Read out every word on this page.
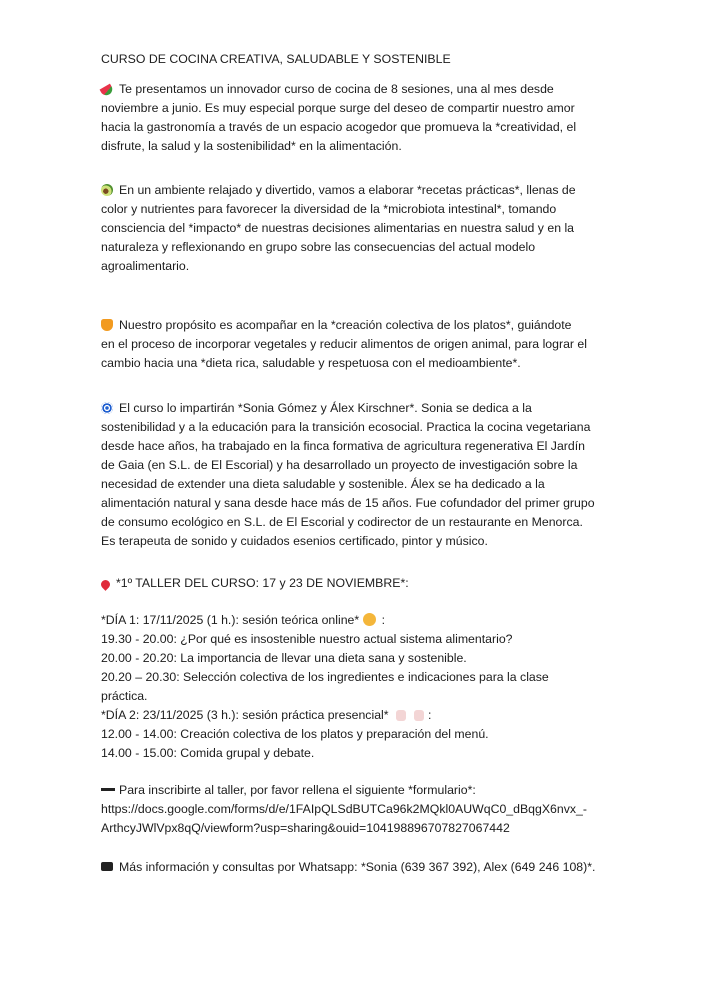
CURSO DE COCINA CREATIVA, SALUDABLE Y SOSTENIBLE
Te presentamos un innovador curso de cocina de 8 sesiones, una al mes desde
noviembre a junio. Es muy especial porque surge del deseo de compartir nuestro amor
hacia la gastronomía a través de un espacio acogedor que promueva la *creatividad, el
disfrute, la salud y la sostenibilidad* en la alimentación.
En un ambiente relajado y divertido, vamos a elaborar *recetas prácticas*, llenas de
color y nutrientes para favorecer la diversidad de la *microbiota intestinal*, tomando
consciencia del *impacto* de nuestras decisiones alimentarias en nuestra salud y en la
naturaleza y reflexionando en grupo sobre las consecuencias del actual modelo
agroalimentario.
Nuestro propósito es acompañar en la *creación colectiva de los platos*, guiándote
en el proceso de incorporar vegetales y reducir alimentos de origen animal, para lograr el
cambio hacia una *dieta rica, saludable y respetuosa con el medioambiente*.
El curso lo impartirán *Sonia Gómez y Álex Kirschner*. Sonia se dedica a la
sostenibilidad y a la educación para la transición ecosocial. Practica la cocina vegetariana
desde hace años, ha trabajado en la finca formativa de agricultura regenerativa El Jardín
de Gaia (en S.L. de El Escorial) y ha desarrollado un proyecto de investigación sobre la
necesidad de extender una dieta saludable y sostenible. Álex se ha dedicado a la
alimentación natural y sana desde hace más de 15 años. Fue cofundador del primer grupo
de consumo ecológico en S.L. de El Escorial y codirector de un restaurante en Menorca.
Es terapeuta de sonido y cuidados esenios certificado, pintor y músico.
*1º TALLER DEL CURSO: 17 y 23 DE NOVIEMBRE*:
*DÍA 1: 17/11/2025 (1 h.): sesión teórica online* :
19.30 - 20.00: ¿Por qué es insostenible nuestro actual sistema alimentario?
20.00 - 20.20: La importancia de llevar una dieta sana y sostenible.
20.20 – 20.30: Selección colectiva de los ingredientes e indicaciones para la clase
práctica.
*DÍA 2: 23/11/2025 (3 h.): sesión práctica presencial*	:
12.00 - 14.00: Creación colectiva de los platos y preparación del menú.
14.00 - 15.00: Comida grupal y debate.
Para inscribirte al taller, por favor rellena el siguiente *formulario*:
https://docs.google.com/forms/d/e/1FAIpQLSdBUTCa96k2MQkl0AUWqC0_dBqgX6nvx_-
ArthcyJWlVpx8qQ/viewform?usp=sharing&ouid=104198896707827067442
Más información y consultas por Whatsapp: *Sonia (639 367 392), Alex (649 246 108)*.
